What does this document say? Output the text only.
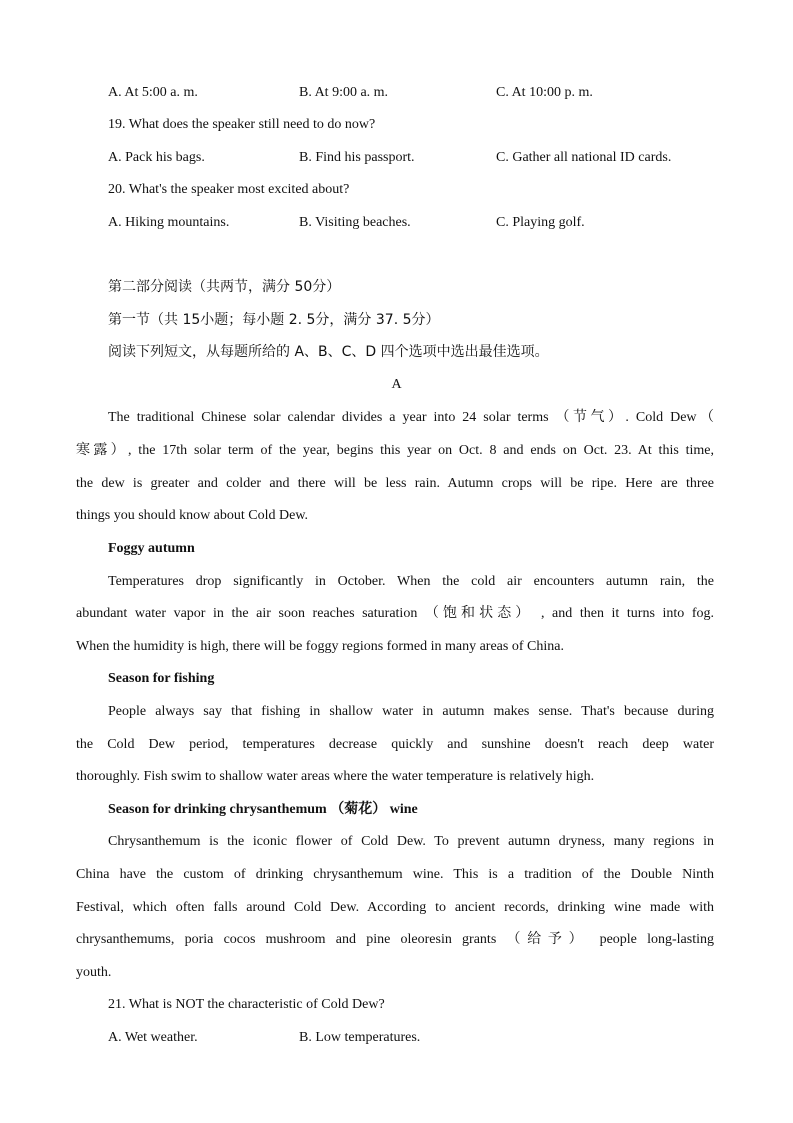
A. At 5:00 a. m.	B. At 9:00 a. m.	C. At 10:00 p. m.
19. What does the speaker still need to do now?
A. Pack his bags.	B. Find his passport.	C. Gather all national ID cards.
20. What's the speaker most excited about?
A. Hiking mountains.	B. Visiting beaches.	C. Playing golf.
第二部分阅读（共两节，满分 50分）
第一节（共 15小题；每小题 2. 5分，满分 37. 5分）
阅读下列短文，从每题所给的 A、B、C、D 四个选项中选出最佳选项。
A
The traditional Chinese solar calendar divides a year into 24 solar terms （节气）. Cold Dew（
寒露）, the 17th solar term of the year, begins this year on Oct. 8 and ends on Oct. 23. At this time,
the dew is greater and colder and there will be less rain. Autumn crops will be ripe. Here are three
things you should know about Cold Dew.
Foggy autumn
Temperatures drop significantly in October. When the cold air encounters autumn rain, the
abundant water vapor in the air soon reaches saturation （饱和状态） , and then it turns into fog.
When the humidity is high, there will be foggy regions formed in many areas of China.
Season for fishing
People always say that fishing in shallow water in autumn makes sense. That's because during
the Cold Dew period, temperatures decrease quickly and sunshine doesn't reach deep water
thoroughly. Fish swim to shallow water areas where the water temperature is relatively high.
Season for drinking chrysanthemum （菊花） wine
Chrysanthemum is the iconic flower of Cold Dew. To prevent autumn dryness, many regions in
China have the custom of drinking chrysanthemum wine. This is a tradition of the Double Ninth
Festival, which often falls around Cold Dew. According to ancient records, drinking wine made with
chrysanthemums, poria cocos mushroom and pine oleoresin grants （给予） people long-lasting
youth.
21. What is NOT the characteristic of Cold Dew?
A. Wet weather.	B. Low temperatures.
